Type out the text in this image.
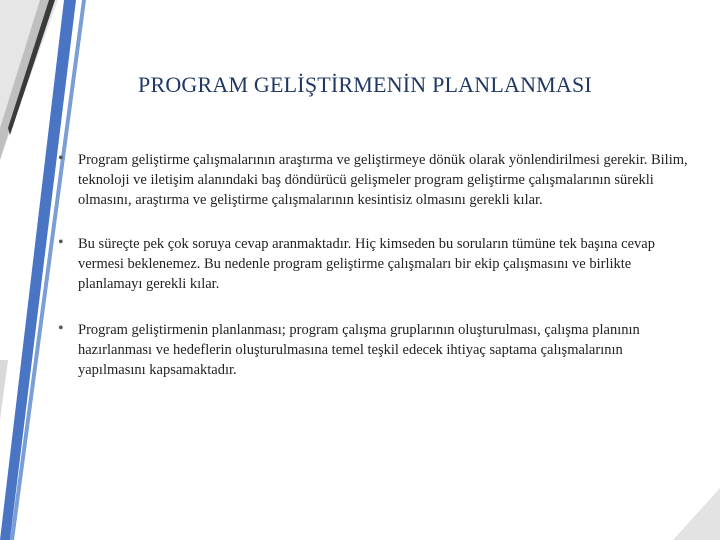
PROGRAM GELİŞTİRMENİN PLANLANMASI
• Program geliştirme çalışmalarının araştırma ve geliştirmeye dönük olarak yönlendirilmesi gerekir. Bilim, teknoloji ve iletişim alanındaki baş döndürücü gelişmeler program geliştirme çalışmalarının sürekli olmasını, araştırma ve geliştirme çalışmalarının kesintisiz olmasını gerekli kılar.
• Bu süreçte pek çok soruya cevap aranmaktadır. Hiç kimseden bu soruların tümüne tek başına cevap vermesi beklenemez. Bu nedenle program geliştirme çalışmaları bir ekip çalışmasını ve birlikte planlamayı gerekli kılar.
• Program geliştirmenin planlanması; program çalışma gruplarının oluşturulması, çalışma planının hazırlanması ve hedeflerin oluşturulmasına temel teşkil edecek ihtiyaç saptama çalışmalarının yapılmasını kapsamaktadır.
